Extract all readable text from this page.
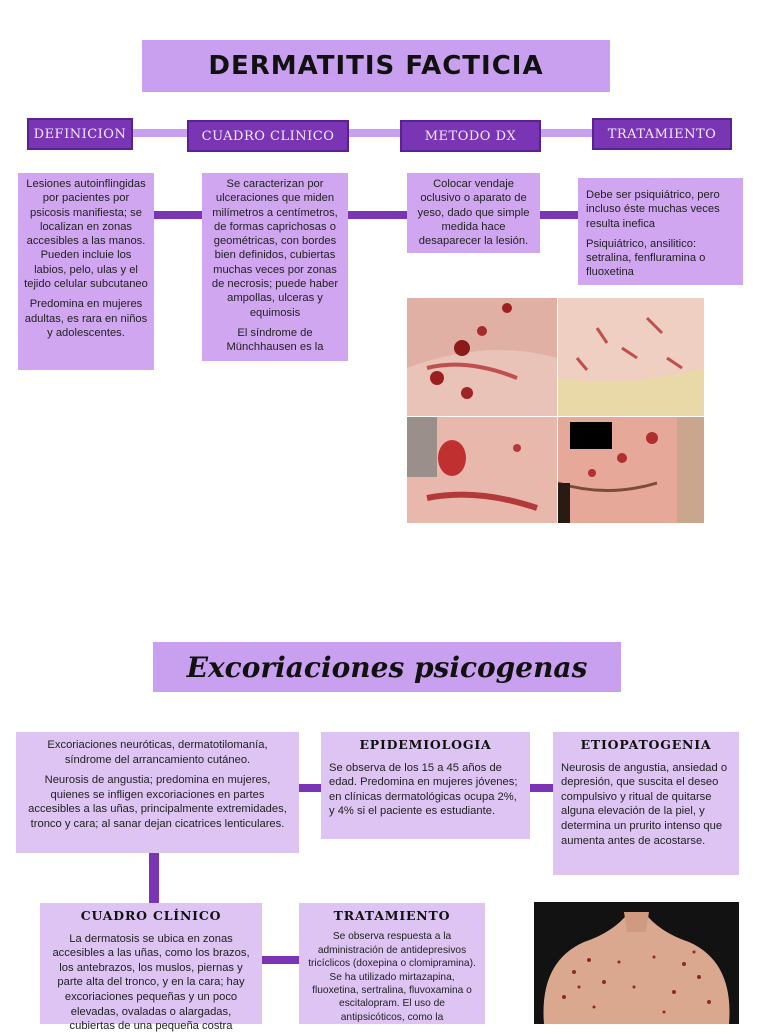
DERMATITIS FACTICIA
DEFINICION	CUADRO CLINICO	METODO DX	TRATAMIENTO

Lesiones autoinflingidas por pacientes por psicosis manifiesta; se localizan en zonas accesibles a las manos. Pueden incluie los labios, pelo, ulas y el tejido celular subcutaneo

Predomina en mujeres adultas, es rara en niños y adolescentes.

Se caracterizan por ulceraciones que miden milímetros a centímetros, de formas caprichosas o geométricas, con bordes bien definidos, cubiertas muchas veces por zonas de necrosis; puede haber ampollas, ulceras y equimosis

El síndrome de Münchhausen es la

Colocar vendaje oclusivo o aparato de yeso, dado que simple medida hace desaparecer la lesión.

Debe ser psiquiátrico, pero incluso éste muchas veces resulta inefica

Psiquiátrico, ansilitico: setralina, fenfluramina o fluoxetina

Excoriaciones psicogenas

Excoriaciones neuróticas, dermatotilomanía, síndrome del arrancamiento cutáneo.

Neurosis de angustia; predomina en mujeres, quienes se infligen excoriaciones en partes accesibles a las uñas, principalmente extremidades, tronco y cara; al sanar dejan cicatrices lenticulares.

EPIDEMIOLOGIA

Se observa de los 15 a 45 años de edad. Predomina en mujeres jóvenes; en clínicas dermatológicas ocupa 2%, y 4% si el paciente es estudiante.

ETIOPATOGENIA

Neurosis de angustia, ansiedad o depresión, que suscita el deseo compulsivo y ritual de quitarse alguna elevación de la piel, y determina un prurito intenso que aumenta antes de acostarse.

CUADRO CLÍNICO

La dermatosis se ubica en zonas accesibles a las uñas, como los brazos, los antebrazos, los muslos, piernas y parte alta del tronco, y en la cara; hay excoriaciones pequeñas y un poco elevadas, ovaladas o alargadas, cubiertas de una pequeña costra

TRATAMIENTO

Se observa respuesta a la administración de antidepresivos tricíclicos (doxepina o clomipramina). Se ha utilizado mirtazapina, fluoxetina, sertralina, fluvoxamina o escitalopram. El uso de antipsicóticos, como la
